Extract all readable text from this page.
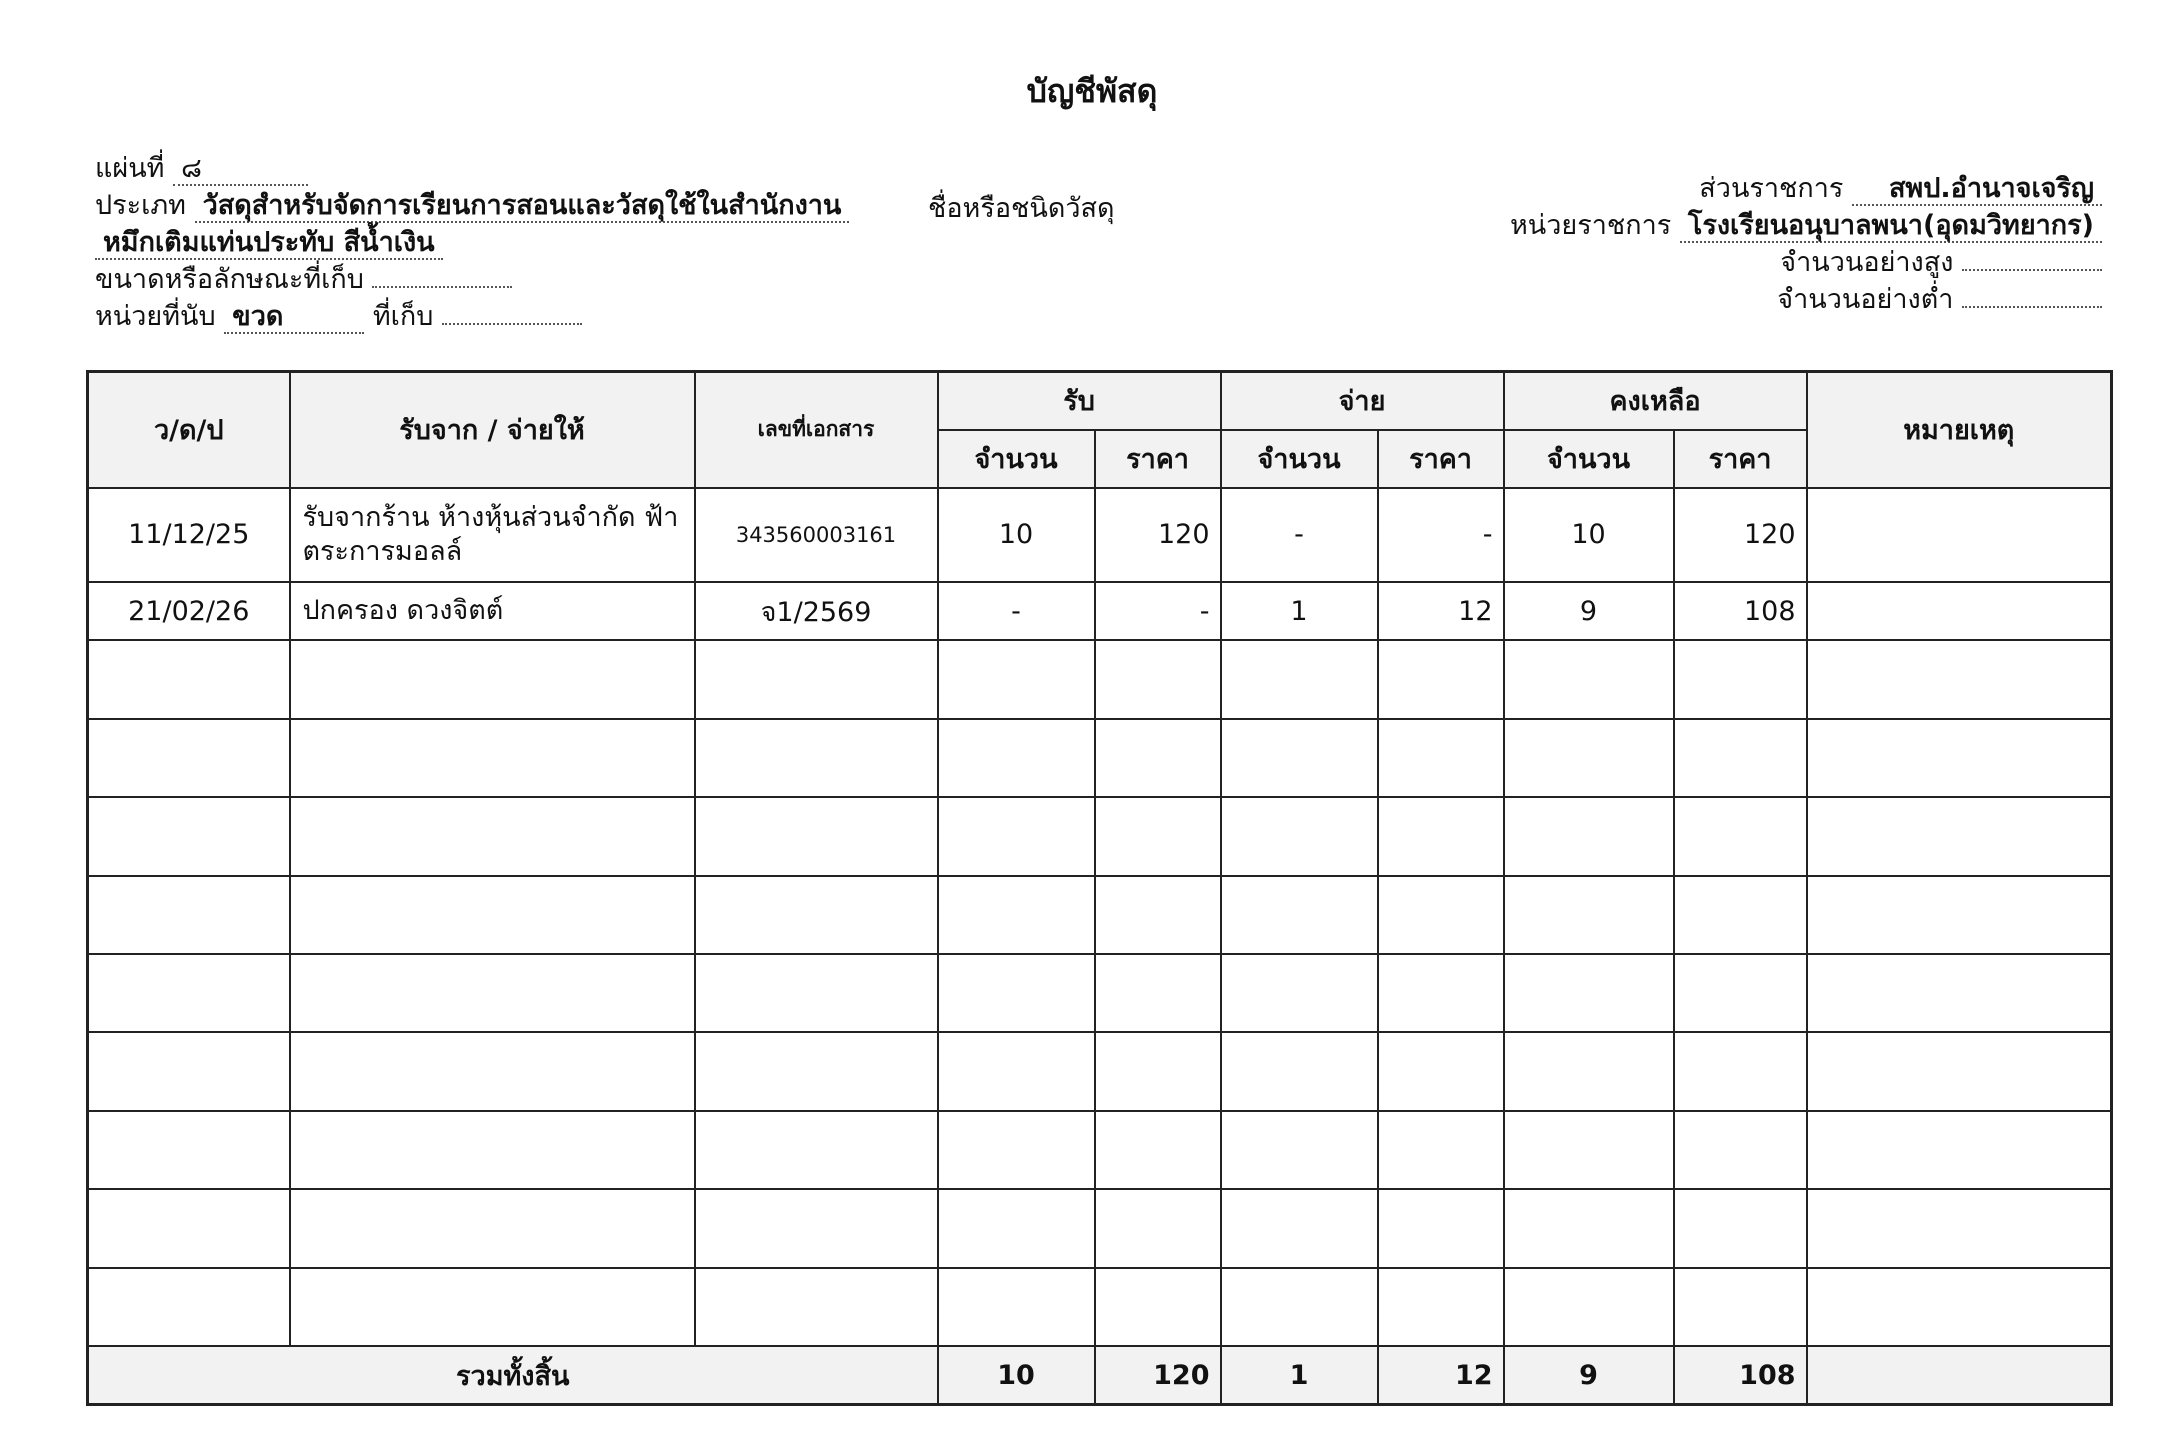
บัญชีพัสดุ
แผ่นที่ ๘
ประเภท วัสดุสำหรับจัดการเรียนการสอนและวัสดุใช้ในสำนักงาน
หมึกเติมแท่นประทับ สีน้ำเงิน
ขนาดหรือลักษณะที่เก็บ
หน่วยที่นับ ขวด	ที่เก็บ
ชื่อหรือชนิดวัสดุ
ส่วนราชการ สพป.อำนาจเจริญ
หน่วยราชการ โรงเรียนอนุบาลพนา(อุดมวิทยากร)
จำนวนอย่างสูง
จำนวนอย่างต่ำ
ว/ด/ป	รับจาก / จ่ายให้	เลขที่เอกสาร	รับ		จ่าย		คงเหลือ		หมายเหตุ
			จำนวน	ราคา	จำนวน	ราคา	จำนวน	ราคา	
11/12/25	รับจากร้าน ห้างหุ้นส่วนจำกัด ฟ้าตระการมอลล์	343560003161	10	120	-	-	10	120	
21/02/26	ปกครอง ดวงจิตต์	จ1/2569	-	-	1	12	9	108	

รวมทั้งสิ้น			10	120	1	12	9	108	
